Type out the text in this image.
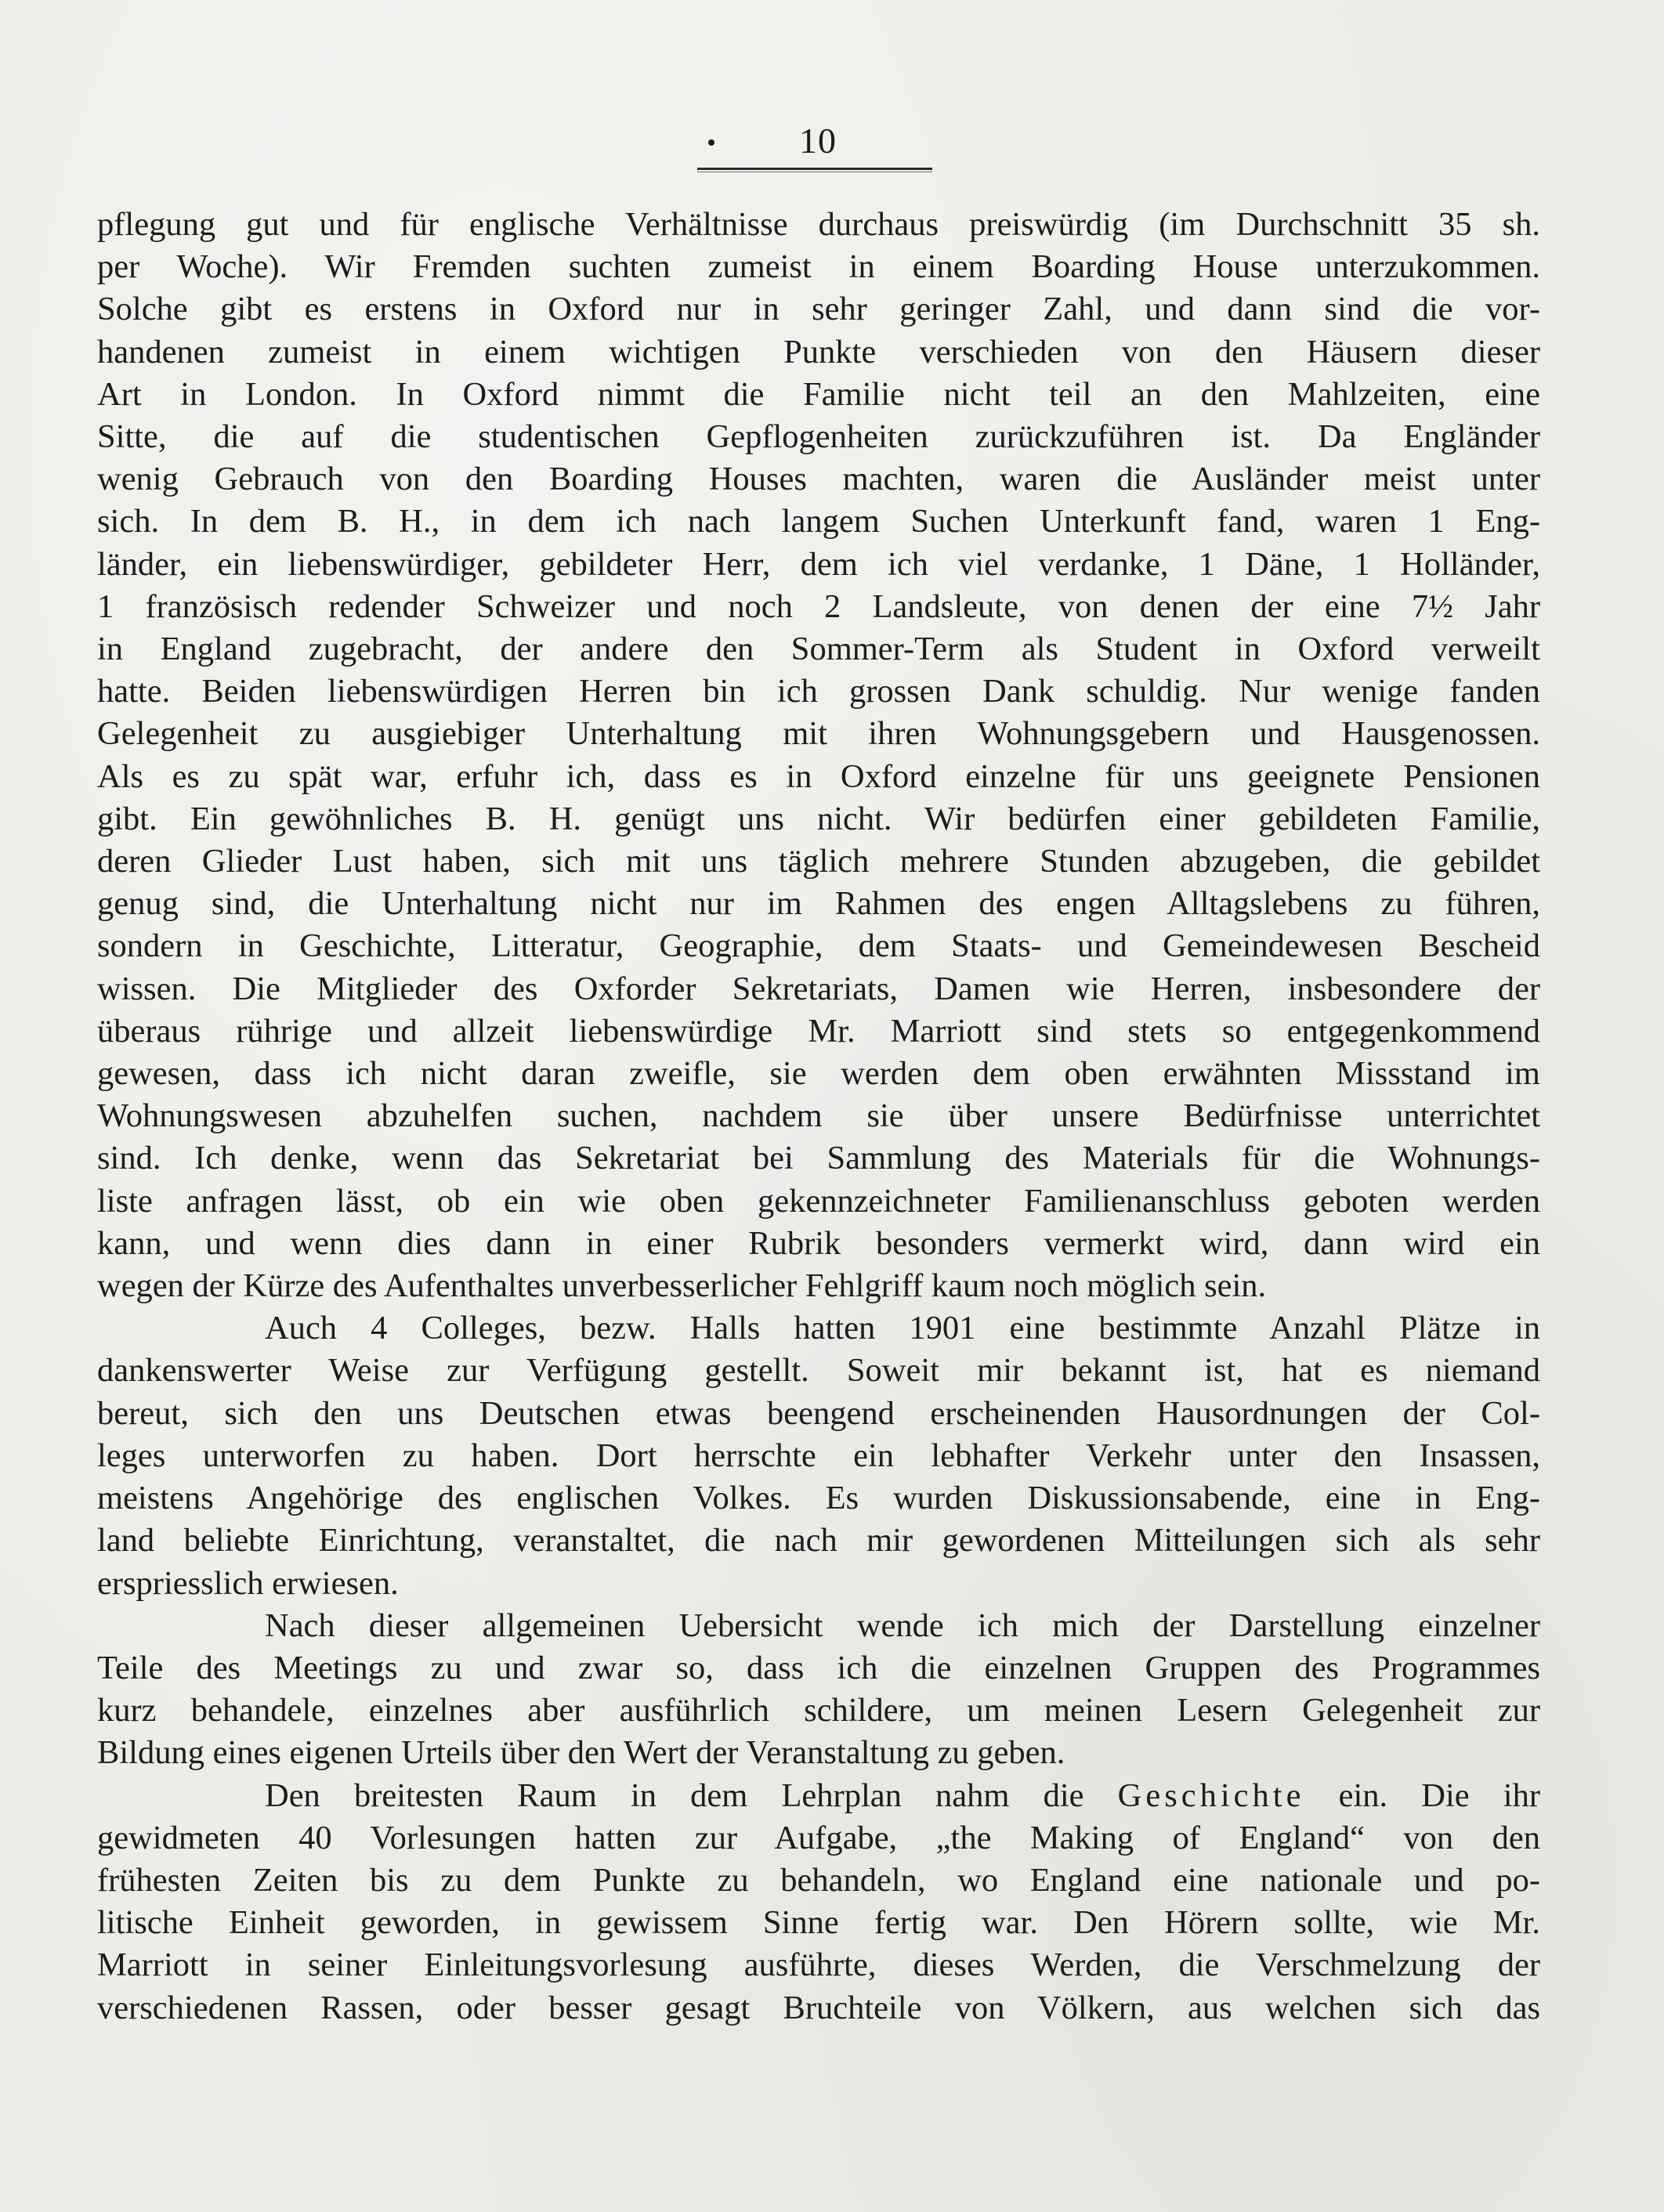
10
pflegung gut und für englische Verhältnisse durchaus preiswürdig (im Durchschnitt 35 sh.
per Woche). Wir Fremden suchten zumeist in einem Boarding House unterzukommen.
Solche gibt es erstens in Oxford nur in sehr geringer Zahl, und dann sind die vor-
handenen zumeist in einem wichtigen Punkte verschieden von den Häusern dieser
Art in London. In Oxford nimmt die Familie nicht teil an den Mahlzeiten, eine
Sitte, die auf die studentischen Gepflogenheiten zurückzuführen ist. Da Engländer
wenig Gebrauch von den Boarding Houses machten, waren die Ausländer meist unter
sich. In dem B. H., in dem ich nach langem Suchen Unterkunft fand, waren 1 Eng-
länder, ein liebenswürdiger, gebildeter Herr, dem ich viel verdanke, 1 Däne, 1 Holländer,
1 französisch redender Schweizer und noch 2 Landsleute, von denen der eine 7½ Jahr
in England zugebracht, der andere den Sommer-Term als Student in Oxford verweilt
hatte. Beiden liebenswürdigen Herren bin ich grossen Dank schuldig. Nur wenige fanden
Gelegenheit zu ausgiebiger Unterhaltung mit ihren Wohnungsgebern und Hausgenossen.
Als es zu spät war, erfuhr ich, dass es in Oxford einzelne für uns geeignete Pensionen
gibt. Ein gewöhnliches B. H. genügt uns nicht. Wir bedürfen einer gebildeten Familie,
deren Glieder Lust haben, sich mit uns täglich mehrere Stunden abzugeben, die gebildet
genug sind, die Unterhaltung nicht nur im Rahmen des engen Alltagslebens zu führen,
sondern in Geschichte, Litteratur, Geographie, dem Staats- und Gemeindewesen Bescheid
wissen. Die Mitglieder des Oxforder Sekretariats, Damen wie Herren, insbesondere der
überaus rührige und allzeit liebenswürdige Mr. Marriott sind stets so entgegenkommend
gewesen, dass ich nicht daran zweifle, sie werden dem oben erwähnten Missstand im
Wohnungswesen abzuhelfen suchen, nachdem sie über unsere Bedürfnisse unterrichtet
sind. Ich denke, wenn das Sekretariat bei Sammlung des Materials für die Wohnungs-
liste anfragen lässt, ob ein wie oben gekennzeichneter Familienanschluss geboten werden
kann, und wenn dies dann in einer Rubrik besonders vermerkt wird, dann wird ein
wegen der Kürze des Aufenthaltes unverbesserlicher Fehlgriff kaum noch möglich sein.
Auch 4 Colleges, bezw. Halls hatten 1901 eine bestimmte Anzahl Plätze in
dankenswerter Weise zur Verfügung gestellt. Soweit mir bekannt ist, hat es niemand
bereut, sich den uns Deutschen etwas beengend erscheinenden Hausordnungen der Col-
leges unterworfen zu haben. Dort herrschte ein lebhafter Verkehr unter den Insassen,
meistens Angehörige des englischen Volkes. Es wurden Diskussionsabende, eine in Eng-
land beliebte Einrichtung, veranstaltet, die nach mir gewordenen Mitteilungen sich als sehr
erspriesslich erwiesen.
Nach dieser allgemeinen Uebersicht wende ich mich der Darstellung einzelner
Teile des Meetings zu und zwar so, dass ich die einzelnen Gruppen des Programmes
kurz behandele, einzelnes aber ausführlich schildere, um meinen Lesern Gelegenheit zur
Bildung eines eigenen Urteils über den Wert der Veranstaltung zu geben.
Den breitesten Raum in dem Lehrplan nahm die Geschichte ein. Die ihr
gewidmeten 40 Vorlesungen hatten zur Aufgabe, „the Making of England“ von den
frühesten Zeiten bis zu dem Punkte zu behandeln, wo England eine nationale und po-
litische Einheit geworden, in gewissem Sinne fertig war. Den Hörern sollte, wie Mr.
Marriott in seiner Einleitungsvorlesung ausführte, dieses Werden, die Verschmelzung der
verschiedenen Rassen, oder besser gesagt Bruchteile von Völkern, aus welchen sich das
